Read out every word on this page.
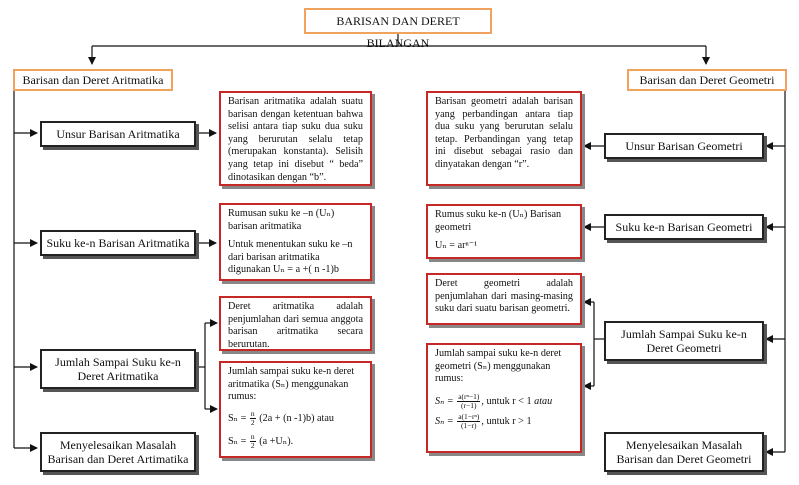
BARISAN DAN DERET BILANGAN
Barisan dan Deret Aritmatika	Barisan dan Deret Geometri
Unsur Barisan Aritmatika
Suku ke-n Barisan Aritmatika
Jumlah Sampai Suku ke-n
Deret Aritmatika
Menyelesaikan Masalah
Barisan dan Deret Artimatika
Barisan aritmatika adalah suatu barisan dengan ketentuan bahwa selisi antara tiap suku dua suku yang berurutan selalu tetap (merupakan konstanta). Selisih yang tetap ini disebut “ beda” dinotasikan dengan “b”.
Rumusan suku ke –n (Uₙ) barisan aritmatika
Untuk menentukan suku ke –n dari barisan aritmatika digunakan Uₙ = a +( n -1)b
Deret aritmatika adalah penjumlahan dari semua anggota barisan aritmatika secara berurutan.
Jumlah sampai suku ke-n deret aritmatika (Sₙ) menggunakan rumus:
$S_n = \frac{n}{2} (2a + (n$ -1)b) atau
$S_n = \frac{n}{2} (a +U_n)$.
Unsur Barisan Geometri
Suku ke-n Barisan Geometri
Jumlah Sampai Suku ke-n
Deret Geometri
Menyelesaikan Masalah
Barisan dan Deret Geometri
Barisan geometri adalah barisan yang perbandingan antara tiap dua suku yang berurutan selalu tetap. Perbandingan yang tetap ini disebut sebagai rasio dan dinyatakan dengan “r”.
Rumus suku ke-n (Uₙ) Barisan geometri
Uₙ = arⁿ⁻¹
Deret geometri adalah penjumlahan dari masing-masing suku dari suatu barisan geometri.
Jumlah sampai suku ke-n deret geometri (Sₙ) menggunakan rumus:
$S_n = \frac{\text{a(rⁿ−1)}}{(r-1)}$ , untuk r < 1 atau
$S_n = \frac{\text{a(1−rⁿ)}}{(1-r)}$ , untuk r > 1
